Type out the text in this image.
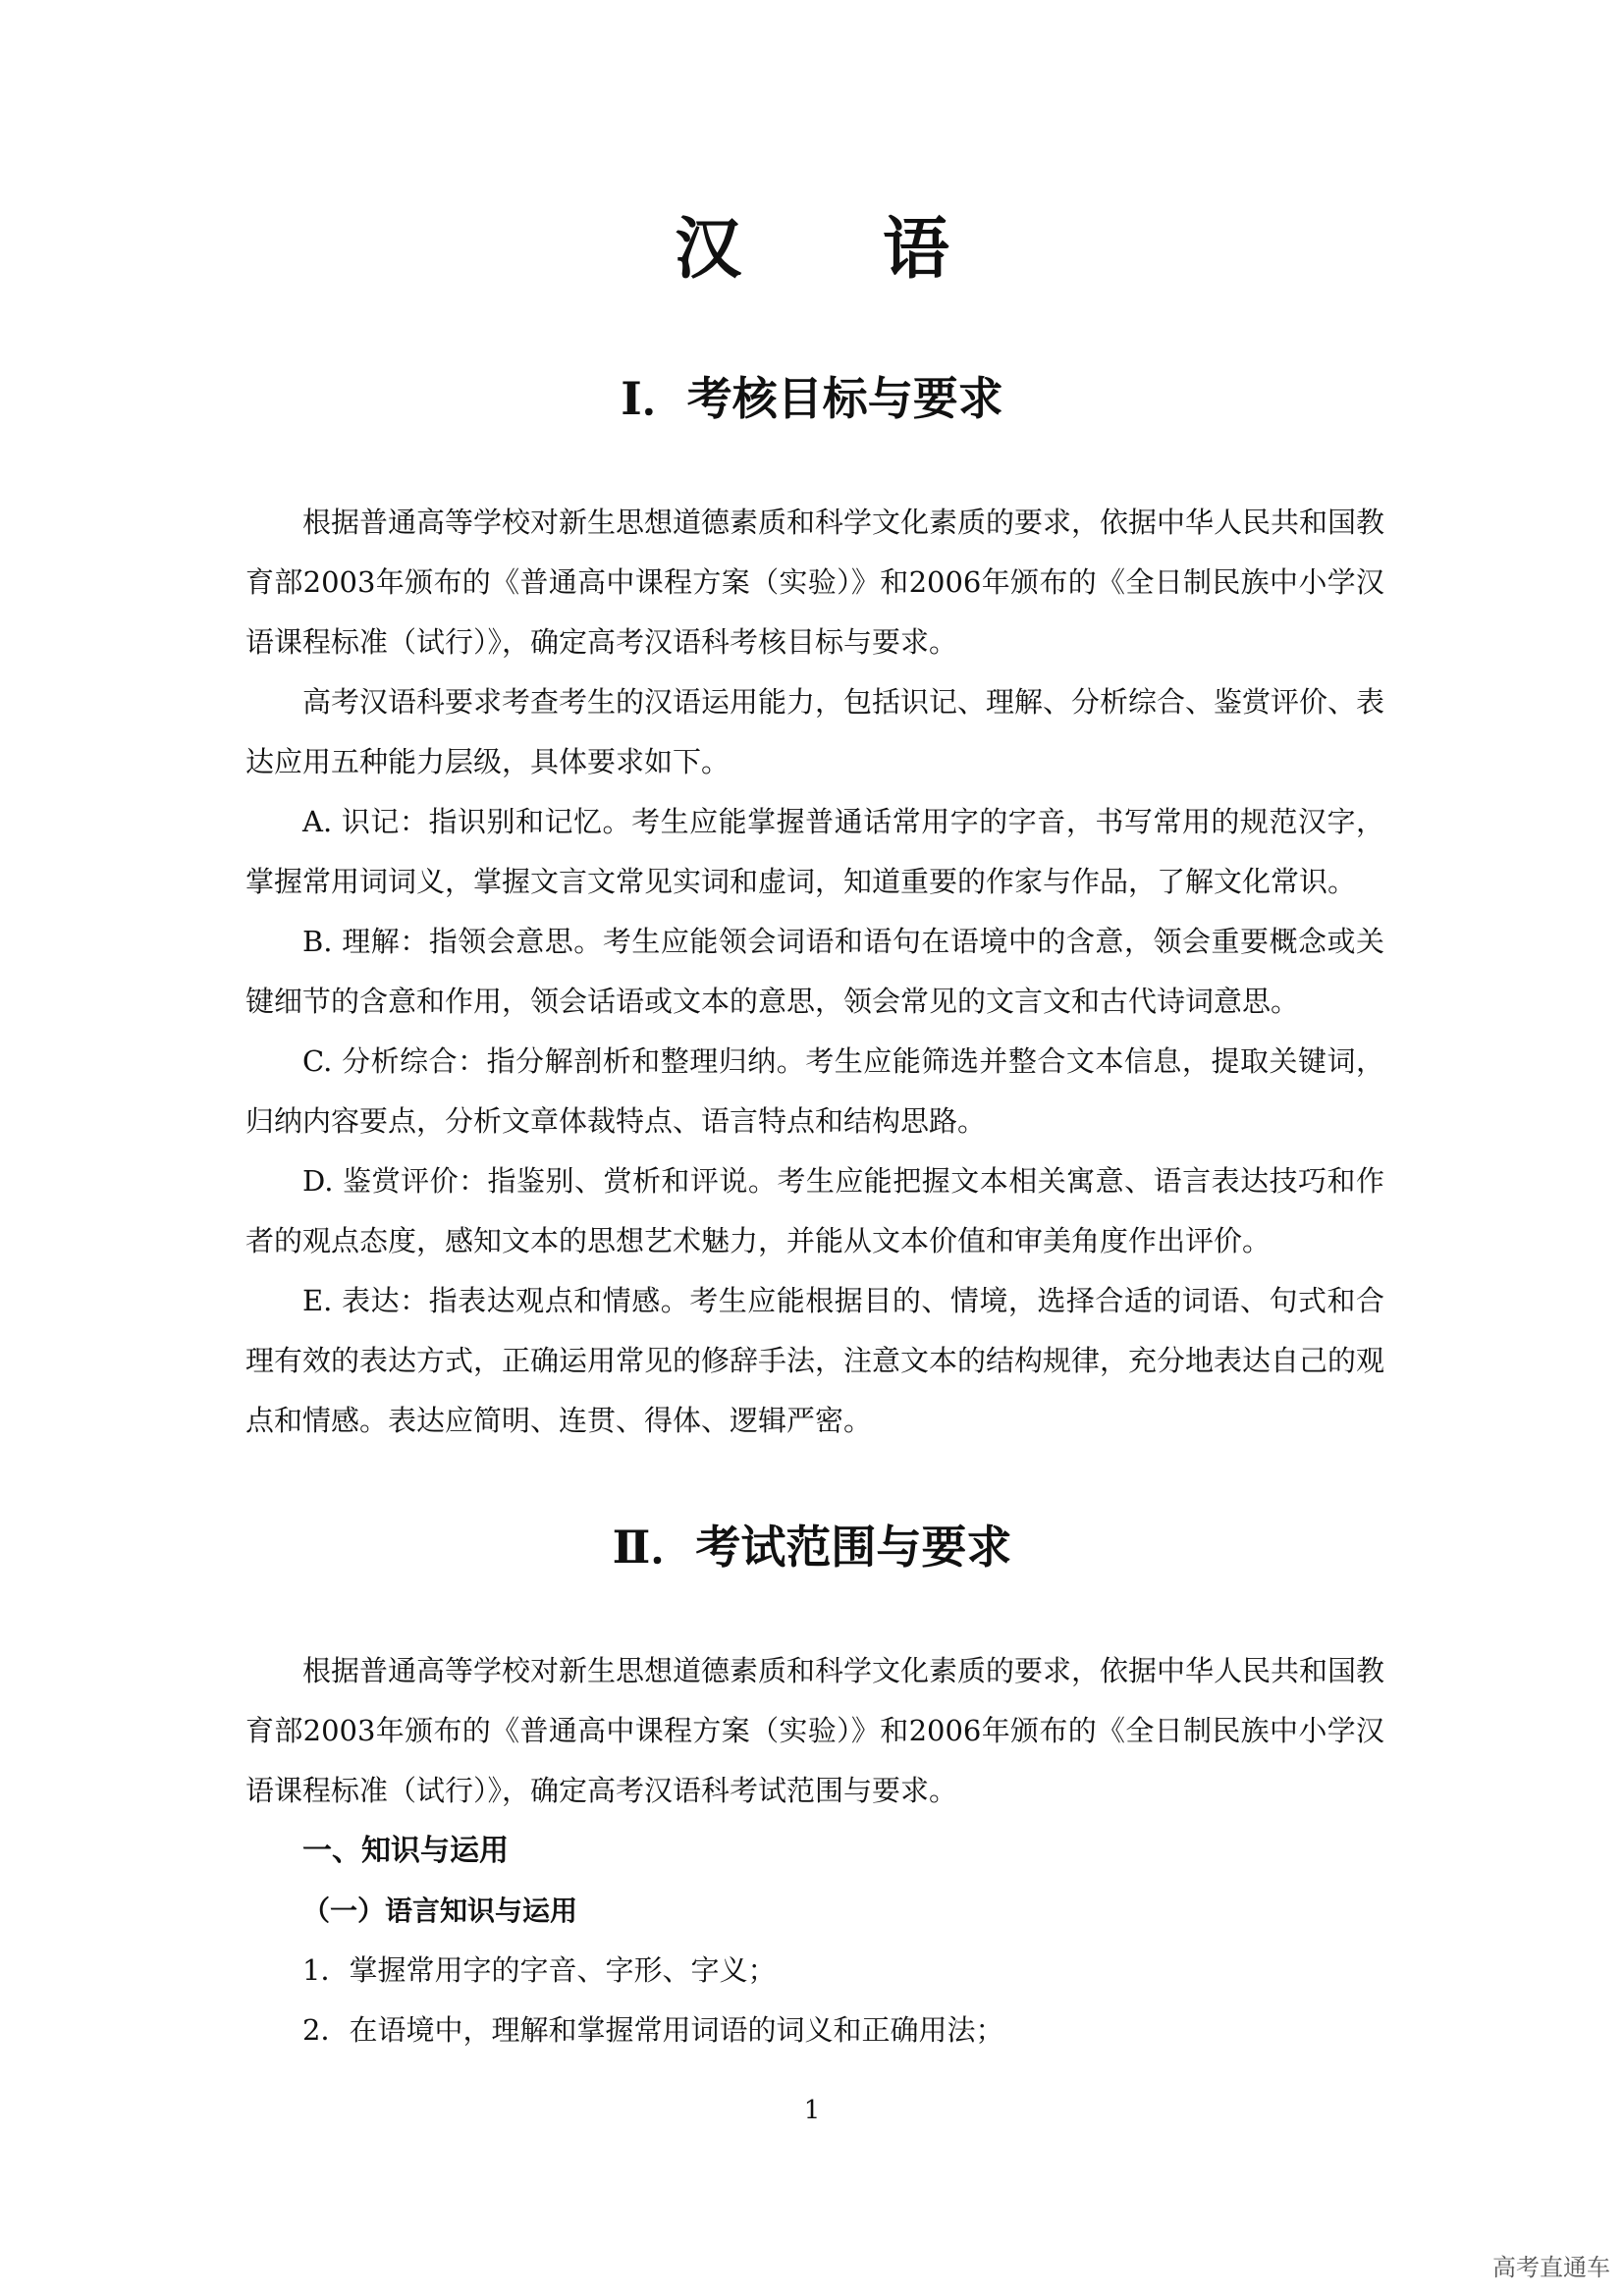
汉 语
Ⅰ．考核目标与要求

根据普通高等学校对新生思想道德素质和科学文化素质的要求，依据中华人民共和国教育部2003年颁布的《普通高中课程方案（实验）》和2006年颁布的《全日制民族中小学汉语课程标准（试行）》，确定高考汉语科考核目标与要求。

高考汉语科要求考查考生的汉语运用能力，包括识记、理解、分析综合、鉴赏评价、表达应用五种能力层级，具体要求如下。

A. 识记：指识别和记忆。考生应能掌握普通话常用字的字音，书写常用的规范汉字，掌握常用词词义，掌握文言文常见实词和虚词，知道重要的作家与作品，了解文化常识。

B. 理解：指领会意思。考生应能领会词语和语句在语境中的含意，领会重要概念或关键细节的含意和作用，领会话语或文本的意思，领会常见的文言文和古代诗词意思。

C. 分析综合：指分解剖析和整理归纳。考生应能筛选并整合文本信息，提取关键词，归纳内容要点，分析文章体裁特点、语言特点和结构思路。

D. 鉴赏评价：指鉴别、赏析和评说。考生应能把握文本相关寓意、语言表达技巧和作者的观点态度，感知文本的思想艺术魅力，并能从文本价值和审美角度作出评价。

E. 表达：指表达观点和情感。考生应能根据目的、情境，选择合适的词语、句式和合理有效的表达方式，正确运用常见的修辞手法，注意文本的结构规律，充分地表达自己的观点和情感。表达应简明、连贯、得体、逻辑严密。

Ⅱ．考试范围与要求

根据普通高等学校对新生思想道德素质和科学文化素质的要求，依据中华人民共和国教育部2003年颁布的《普通高中课程方案（实验）》和2006年颁布的《全日制民族中小学汉语课程标准（试行）》，确定高考汉语科考试范围与要求。

一、知识与运用

（一）语言知识与运用

1．掌握常用字的字音、字形、字义；

2．在语境中，理解和掌握常用词语的词义和正确用法；

1
高考直通车
